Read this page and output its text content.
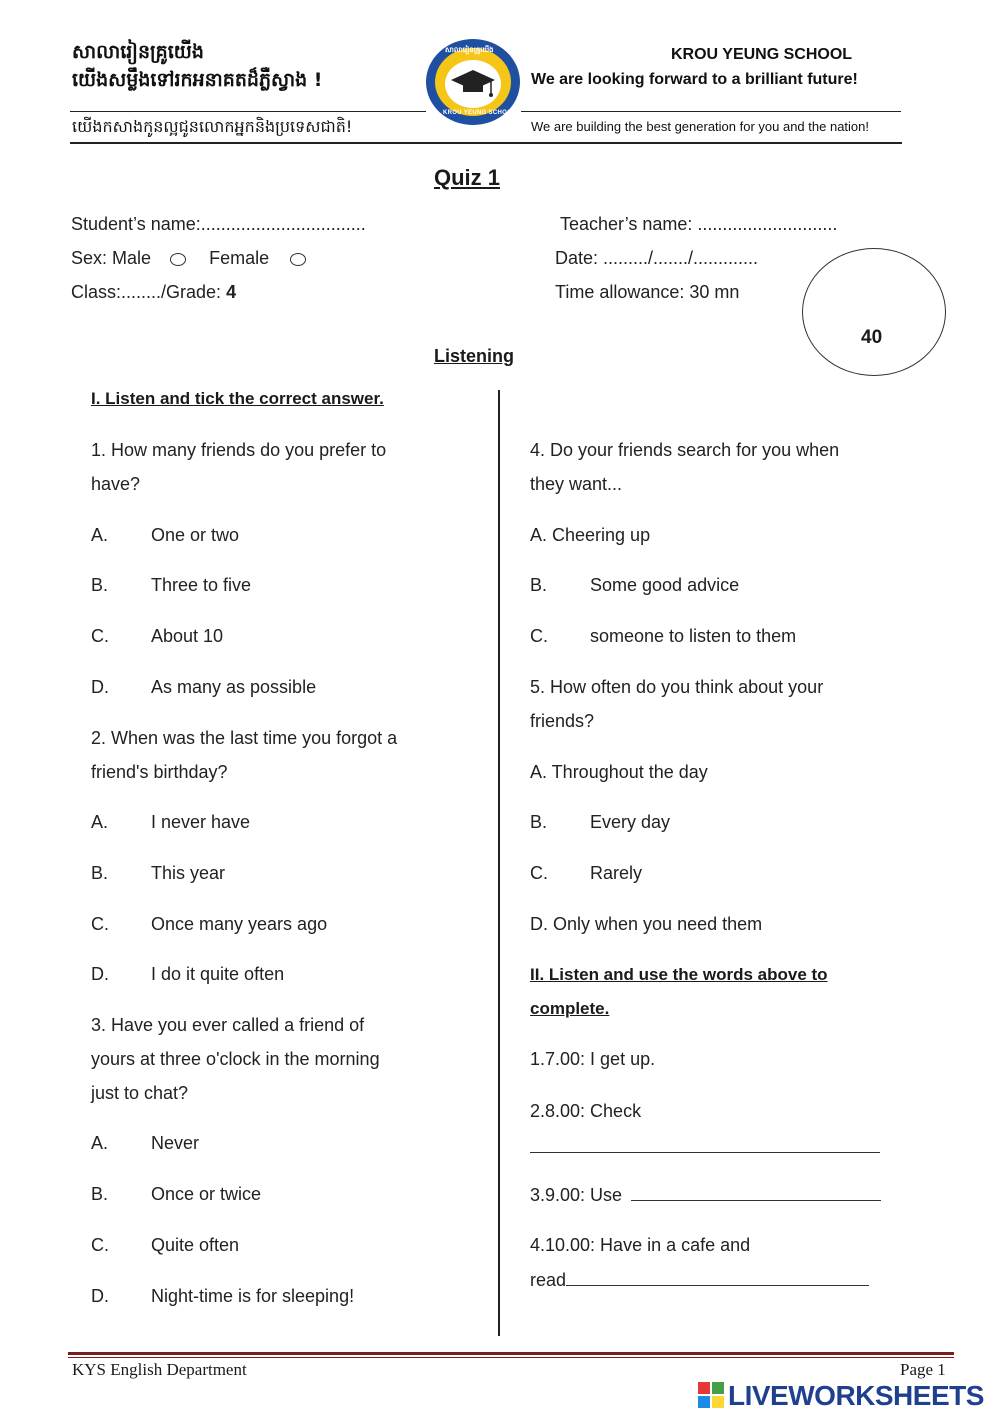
សាលារៀនគ្រូយើង
យើងសម្លឹងទៅរកអនាគតដ៏ភ្លឺស្វាង !
សាលារៀនគ្រូយើង
KROU YEUNG SCHOOL
KROU YEUNG SCHOOL
We are looking forward to a brilliant future!
យើងកសាងកូនល្អជូនលោកអ្នកនិងប្រទេសជាតិ!	We are building the best generation for you and the nation!
Quiz 1
Student’s name:.................................	Teacher’s name: ............................
Sex: Male	Female	Date: ........./......./.............
Class:......../Grade: 4	Time allowance: 30 mn
40
Listening
I. Listen and tick the correct answer.
1. How many friends do you prefer to
have?
A. One or two
B. Three to five
C. About 10
D. As many as possible
2. When was the last time you forgot a
friend's birthday?
A. I never have
B. This year
C. Once many years ago
D. I do it quite often
3. Have you ever called a friend of
yours at three o'clock in the morning
just to chat?
A. Never
B. Once or twice
C. Quite often
D. Night-time is for sleeping!
4. Do your friends search for you when
they want...
A. Cheering up
B. Some good advice
C. someone to listen to them
5. How often do you think about your
friends?
A. Throughout the day
B. Every day
C. Rarely
D. Only when you need them
II. Listen and use the words above to
complete.
1.7.00: I get up.
2.8.00: Check
3.9.00: Use
4.10.00: Have in a cafe and
read
KYS English Department	Page 1
LIVEWORKSHEETS
